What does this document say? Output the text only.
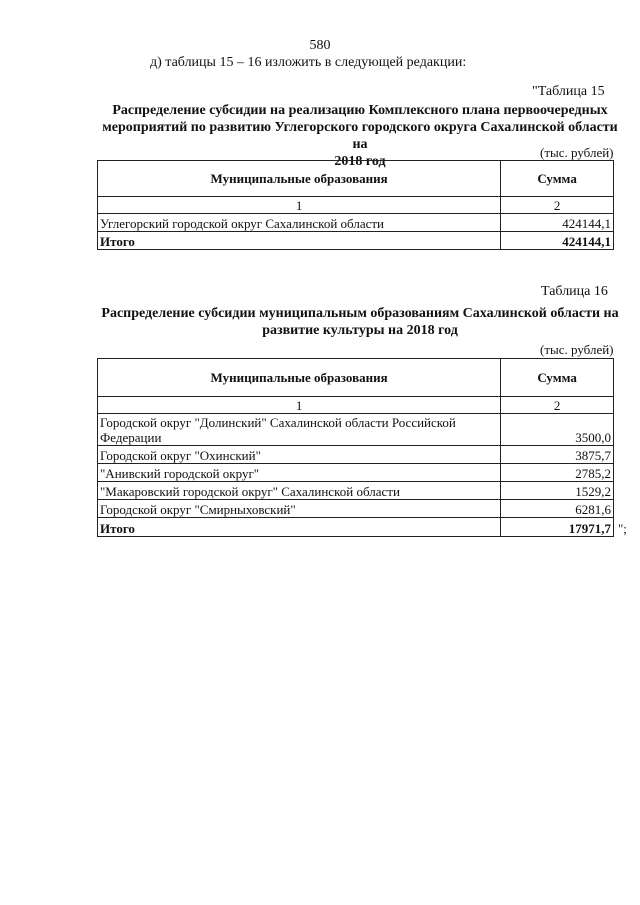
580
д) таблицы 15 – 16 изложить в следующей редакции:
"Таблица 15
Распределение субсидии на реализацию Комплексного плана первоочередных
мероприятий по развитию Углегорского городского округа Сахалинской области на
2018 год
(тыс. рублей)
Муниципальные образования	Сумма
1	2
Углегорский городской округ Сахалинской области	424144,1
Итого	424144,1
Таблица 16
Распределение субсидии муниципальным образованиям Сахалинской области на
развитие культуры на 2018 год
(тыс. рублей)
Муниципальные образования	Сумма
1	2
Городской округ "Долинский" Сахалинской области Российской Федерации	3500,0
Городской округ "Охинский"	3875,7
"Анивский городской округ"	2785,2
"Макаровский городской округ" Сахалинской области	1529,2
Городской округ "Смирныховский"	6281,6
Итого	17971,7 ";
